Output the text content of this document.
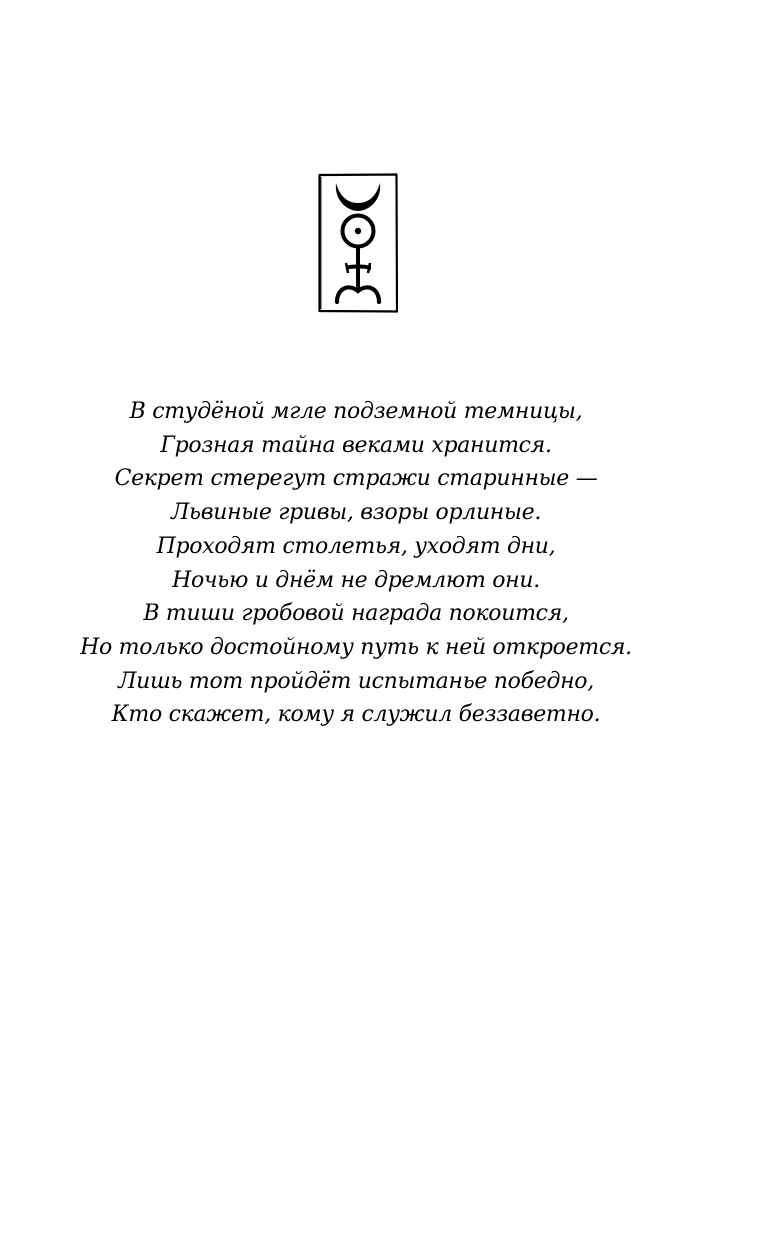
В студёной мгле подземной темницы,
Грозная тайна веками хранится.
Секрет стерегут стражи старинные —
Львиные гривы, взоры орлиные.
Проходят столетья, уходят дни,
Ночью и днём не дремлют они.
В тиши гробовой награда покоится,
Но только достойному путь к ней откроется.
Лишь тот пройдёт испытанье победно,
Кто скажет, кому я служил беззаветно.
